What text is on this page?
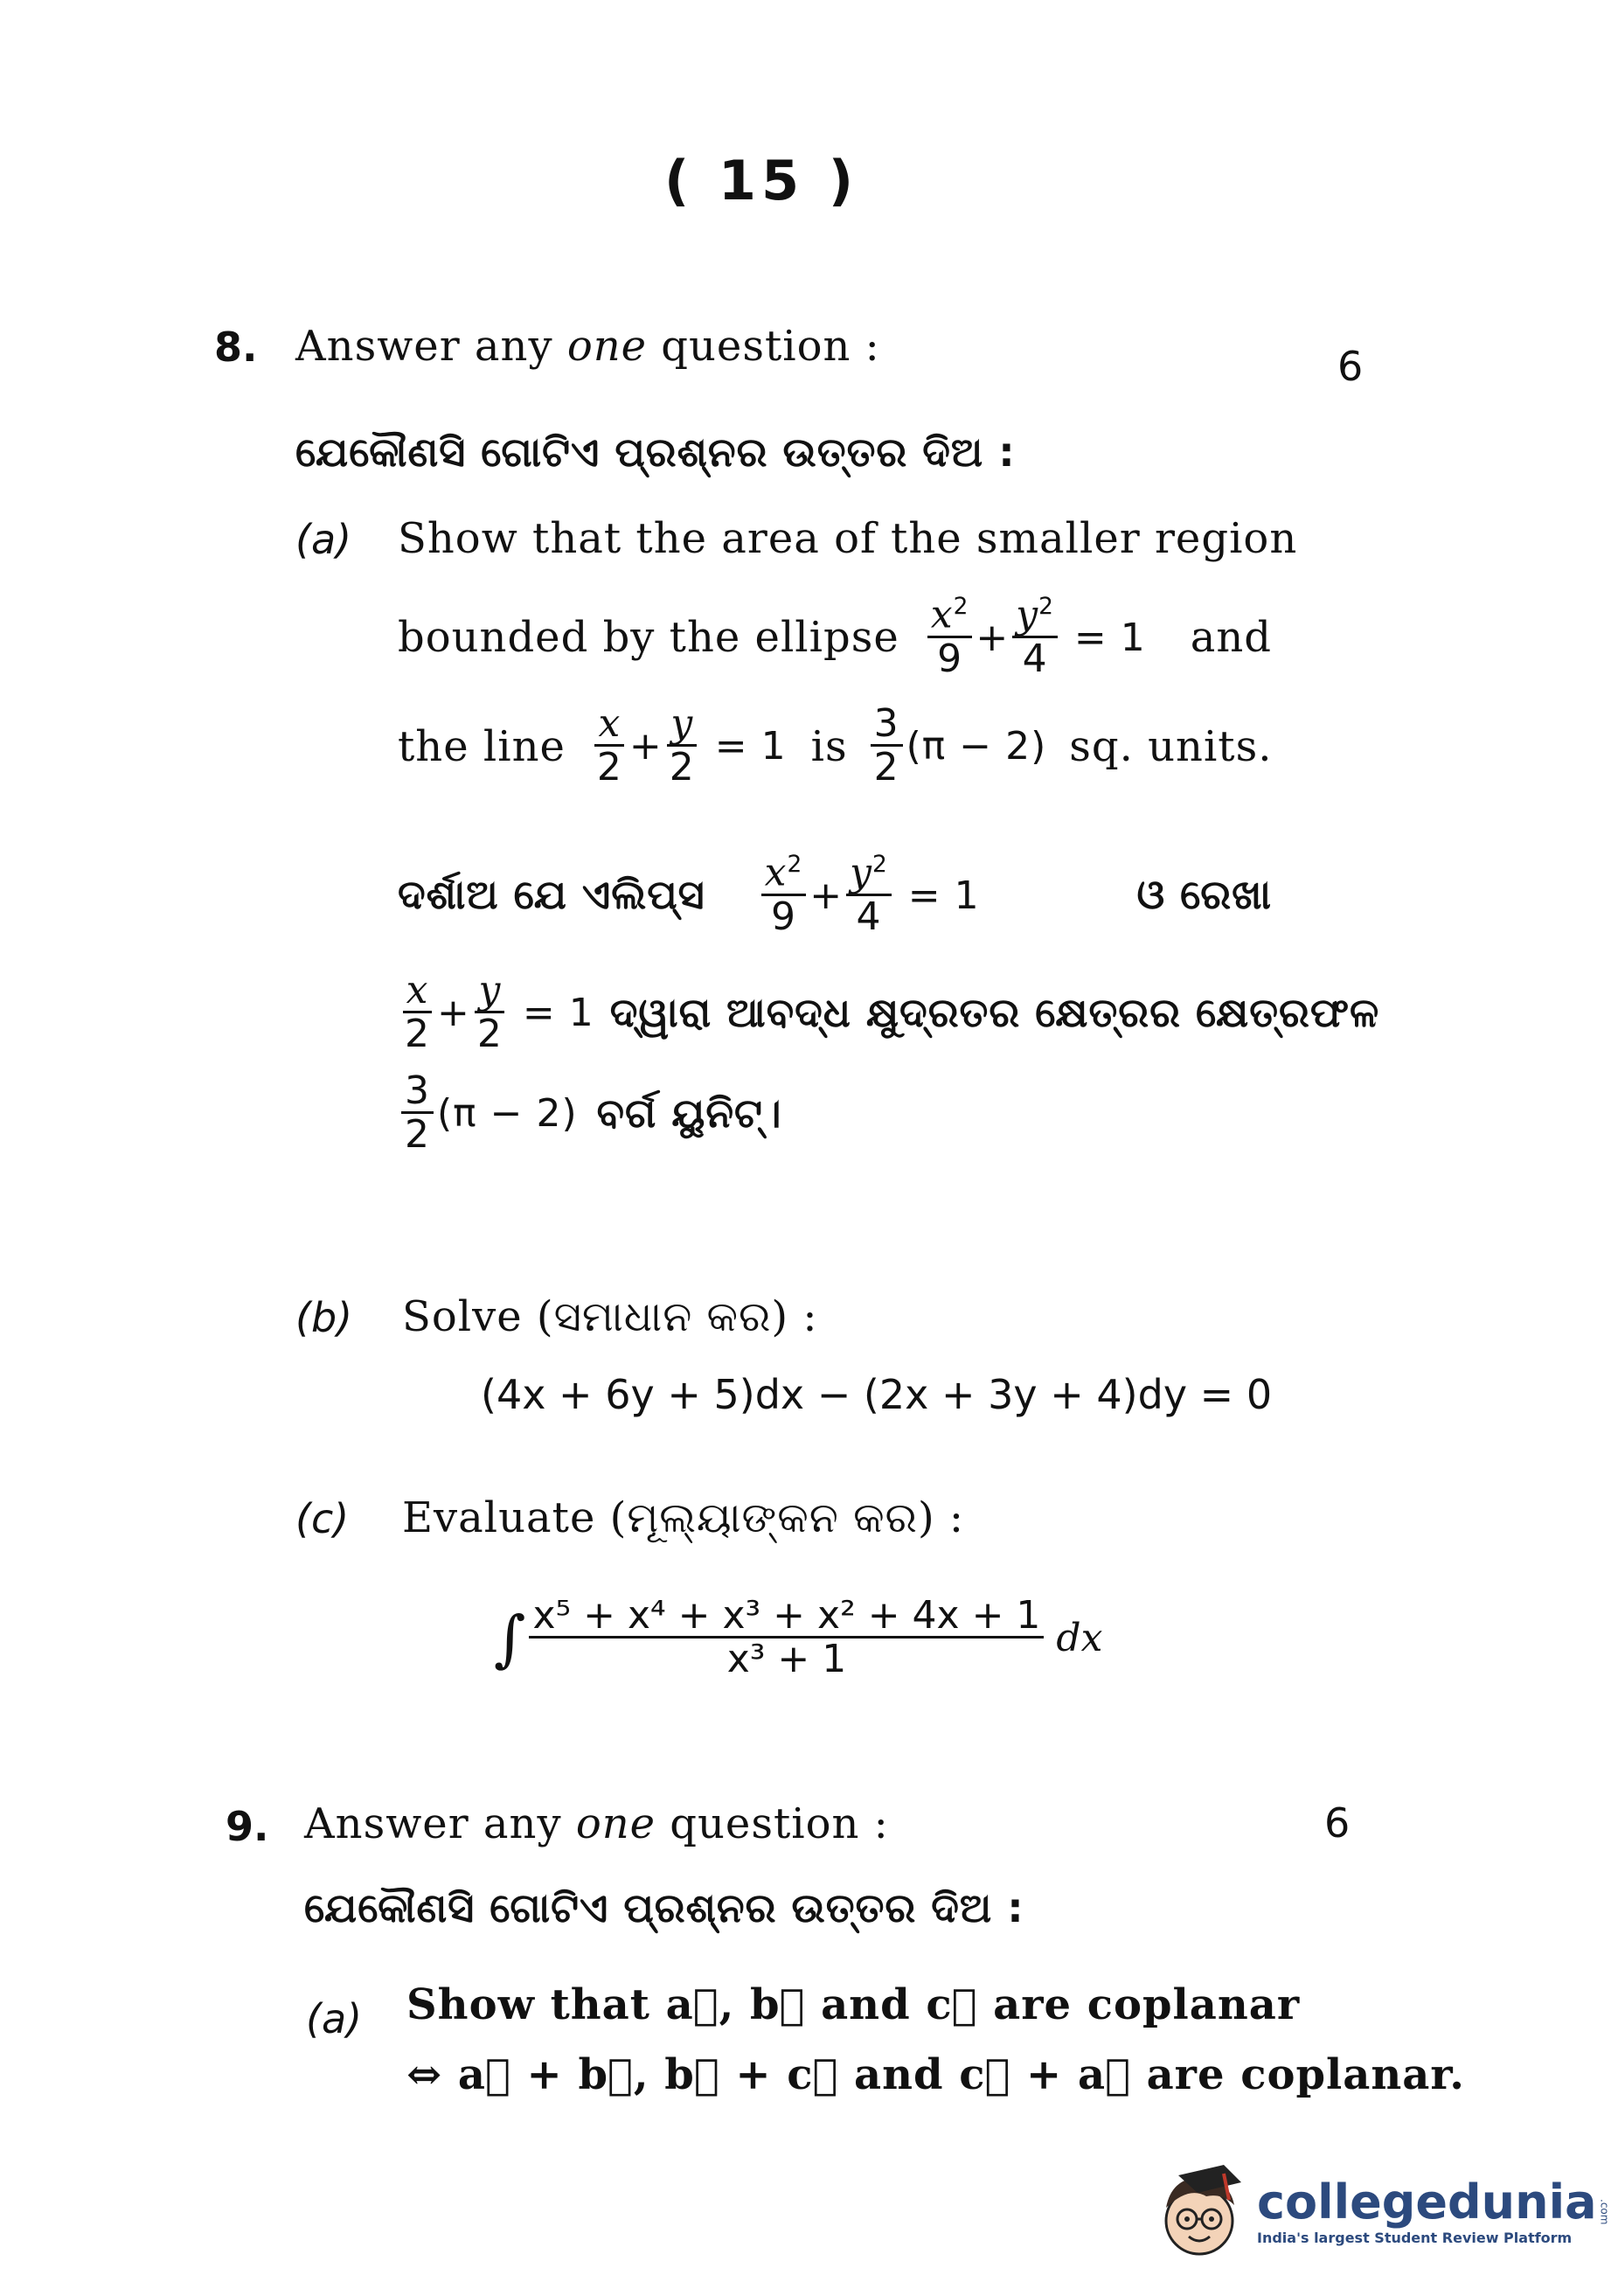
( 15 )
8. Answer any one question :	6
ଯେକୌଣସି ଗୋଟିଏ ପ୍ରଶ୍ନର ଉତ୍ତର ଦିଅ :
(a) Show that the area of the smaller region
bounded by the ellipse $\frac{x^2}{9} + \frac{y^2}{4} = 1$ and
the line $\frac{x}{2} + \frac{y}{2} = 1$ is $\frac{3}{2} (\pi - 2)$ sq. units.
ଦର୍ଶାଅ ଯେ ଏଲିପ୍ସ $\frac{x^2}{9} + \frac{y^2}{4} = 1$	ଓ ରେଖା
$\frac{x}{2} + \frac{y}{2} = 1$ ଦ୍ୱାରା ଆବଦ୍ଧ କ୍ଷୁଦ୍ରତର କ୍ଷେତ୍ରର କ୍ଷେତ୍ରଫଳ
$\frac{3}{2} (\pi - 2)$ ବର୍ଗ ୟୁନିଟ୍।
(b) Solve (ସମାଧାନ କର) :
(4x + 6y + 5)dx − (2x + 3y + 4)dy = 0
(c) Evaluate (ମୂଲ୍ୟାଙ୍କନ କର) :
∫ $\frac{\text{x⁵ + x⁴ + x³ + x² + 4x + 1}}{\text{x³ + 1}}$ dx
9. Answer any one question :	6
ଯେକୌଣସି ଗୋଟିଏ ପ୍ରଶ୍ନର ଉତ୍ତର ଦିଅ :
(a) Show that a⃗, b⃗ and c⃗ are coplanar
⇔ a⃗ + b⃗, b⃗ + c⃗ and c⃗ + a⃗ are coplanar.
collegedunia
India's largest Student Review Platform
.com
